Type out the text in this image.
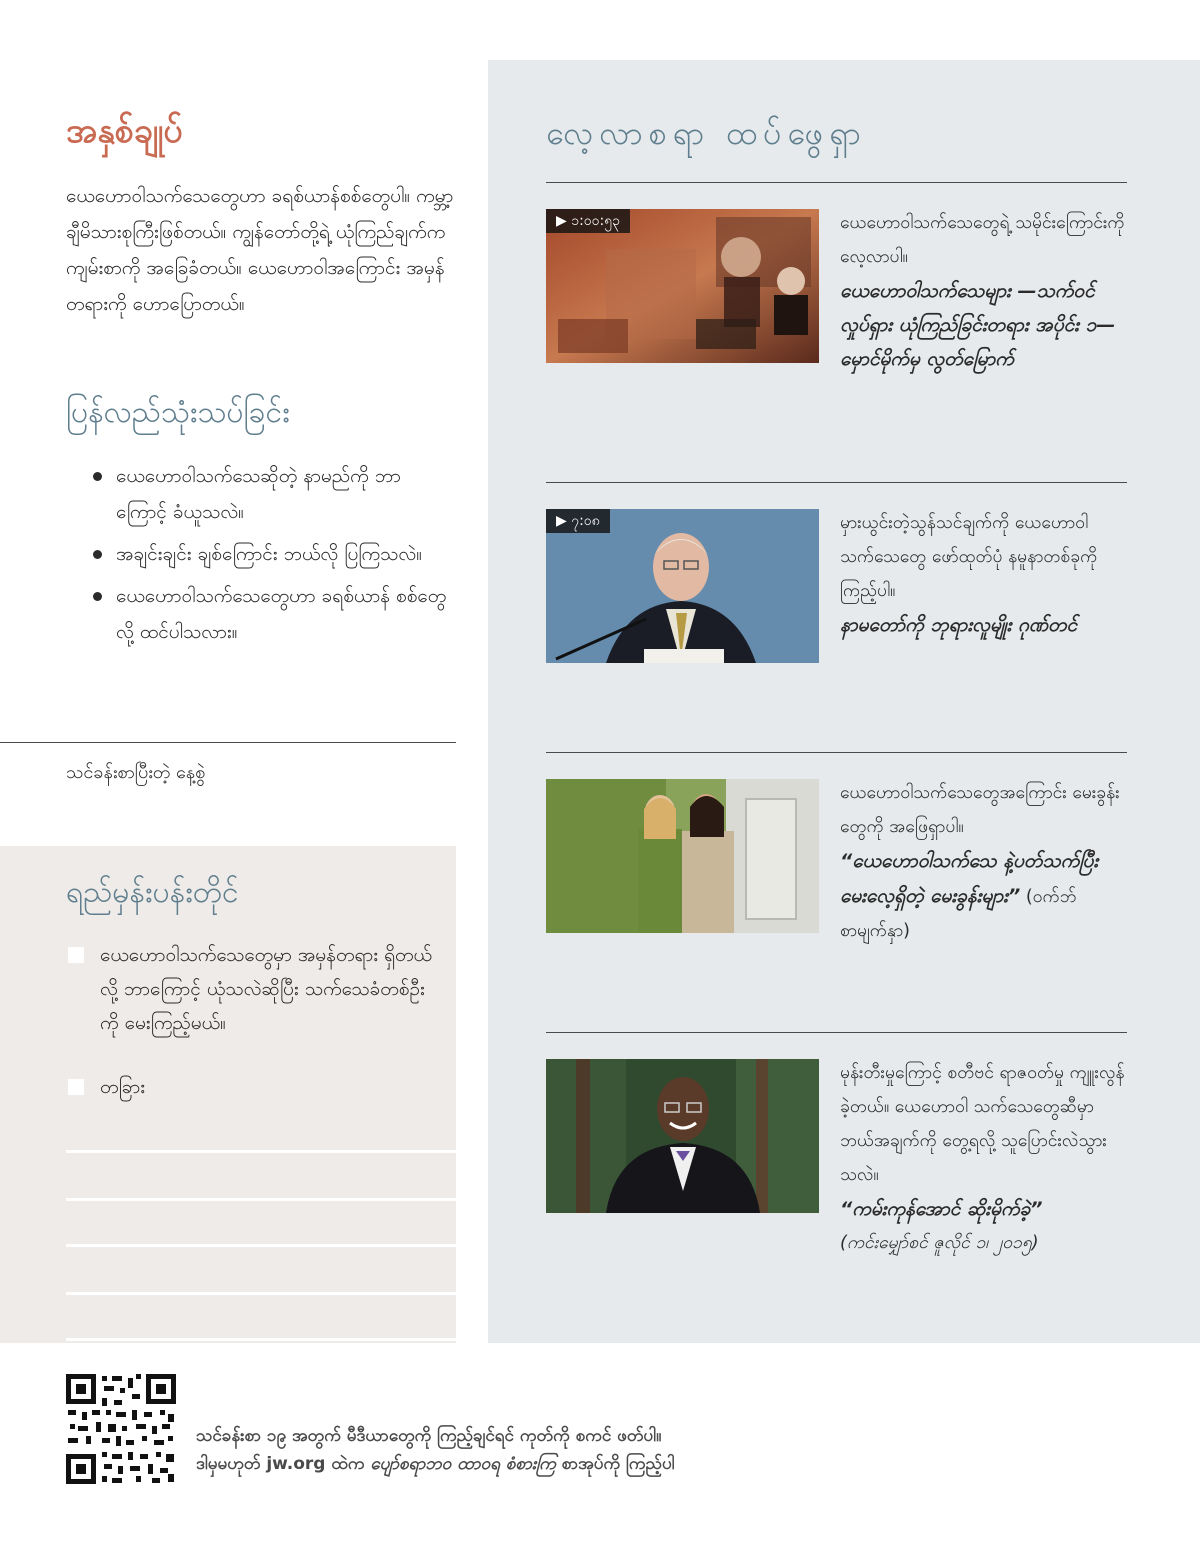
အနှစ်ချုပ်

ယေဟောဝါသက်သေတွေဟာ ခရစ်ယာန်စစ်တွေပါ။ ကမ္ဘာ့ချီမိသားစုကြီးဖြစ်တယ်။ ကျွန်တော်တို့ရဲ့ ယုံကြည်ချက်က ကျမ်းစာကို အခြေခံတယ်။ ယေဟောဝါအကြောင်း အမှန်တရားကို ဟောပြောတယ်။

ပြန်လည်သုံးသပ်ခြင်း
ယေဟောဝါသက်သေဆိုတဲ့ နာမည်ကို ဘာကြောင့် ခံယူသလဲ။
အချင်းချင်း ချစ်ကြောင်း ဘယ်လို ပြကြသလဲ။
ယေဟောဝါသက်သေတွေဟာ ခရစ်ယာန် စစ်တွေလို့ ထင်ပါသလား။

သင်ခန်းစာပြီးတဲ့ နေ့စွဲ

ရည်မှန်းပန်းတိုင်
ယေဟောဝါသက်သေတွေမှာ အမှန်တရား ရှိတယ်လို့ ဘာကြောင့် ယုံသလဲဆိုပြီး သက်သေခံတစ်ဦးကို မေးကြည့်မယ်။
တခြား
လေ့လာစရာ ထပ်ဖွေရှာ
▶ ၁:၀၀:၅၃	ယေဟောဝါသက်သေတွေရဲ့ သမိုင်းကြောင်းကို လေ့လာပါ။

ယေဟောဝါသက်သေများ —သက်ဝင်လှုပ်ရှား ယုံကြည်ခြင်းတရား အပိုင်း ၁— မှောင်မိုက်မှ လွတ်မြောက်

▶ ၇:၀၈	မှားယွင်းတဲ့သွန်သင်ချက်ကို ယေဟောဝါသက်သေတွေ ဖော်ထုတ်ပုံ နမူနာတစ်ခုကို ကြည့်ပါ။

နာမတော်ကို ဘုရားလူမျိုး ဂုဏ်တင်

ယေဟောဝါသက်သေတွေအကြောင်း မေးခွန်းတွေကို အဖြေရှာပါ။

“ယေဟောဝါသက်သေ နဲ့ပတ်သက်ပြီး မေးလေ့ရှိတဲ့ မေးခွန်းများ” (ဝက်ဘ်စာမျက်နှာ)

မုန်းတီးမှုကြောင့် စတီဗင် ရာဇဝတ်မှု ကျူးလွန်ခဲ့တယ်။ ယေဟောဝါ သက်သေတွေဆီမှာ ဘယ်အချက်ကို တွေ့ရလို့ သူပြောင်းလဲသွားသလဲ။

“ကမ်းကုန်အောင် ဆိုးမိုက်ခဲ့”

(ကင်းမျှော်စင် ဇူလိုင် ၁၊ ၂၀၁၅)

သင်ခန်းစာ ၁၉ အတွက် မီဒီယာတွေကို ကြည့်ချင်ရင် ကုတ်ကို စကင် ဖတ်ပါ။
ဒါမှမဟုတ် jw.org ထဲက ပျော်စရာဘဝ ထာဝရ စံစားကြ စာအုပ်ကို ကြည့်ပါ
